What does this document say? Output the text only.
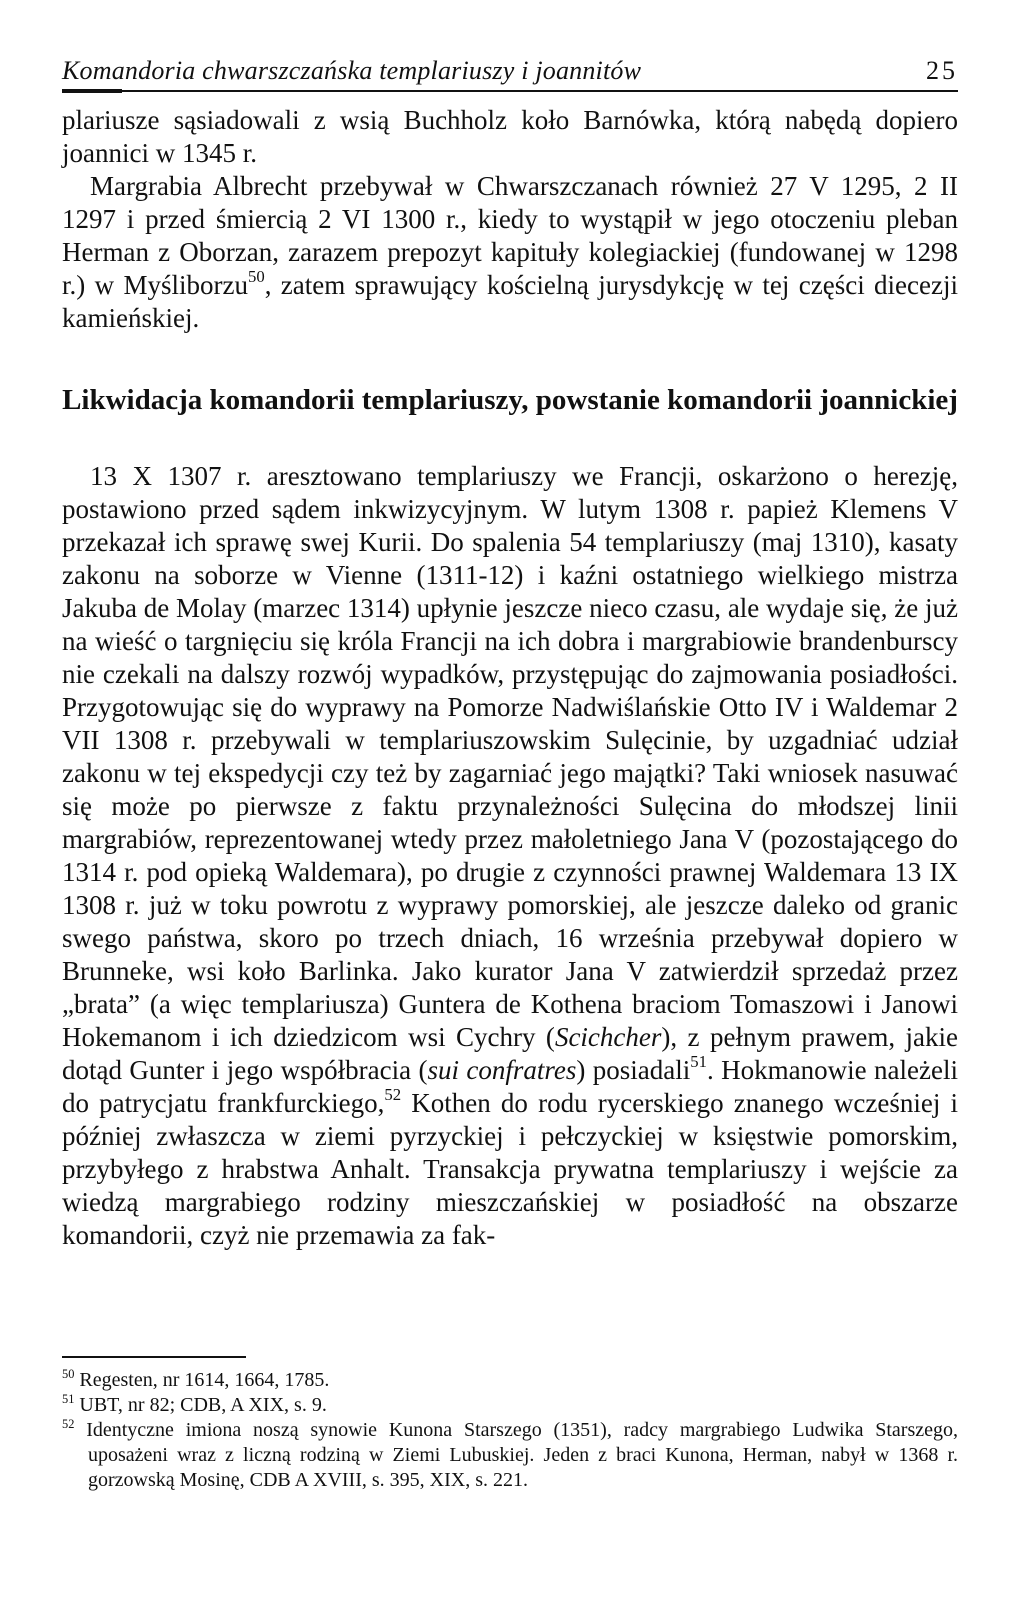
Komandoria chwarszczańska templariuszy i joannitów	25

plariusze sąsiadowali z wsią Buchholz koło Barnówka, którą nabędą dopiero joannici w 1345 r.

Margrabia Albrecht przebywał w Chwarszczanach również 27 V 1295, 2 II 1297 i przed śmiercią 2 VI 1300 r., kiedy to wystąpił w jego otoczeniu pleban Herman z Oborzan, zarazem prepozyt kapituły kolegiackiej (fundowanej w 1298 r.) w Myśliborzu$^{50}$, zatem sprawujący kościelną jurysdykcję w tej części diecezji kamieńskiej.

Likwidacja komandorii templariuszy, powstanie komandorii joannickiej

13 X 1307 r. aresztowano templariuszy we Francji, oskarżono o herezję, postawiono przed sądem inkwizycyjnym. W lutym 1308 r. papież Klemens V przekazał ich sprawę swej Kurii. Do spalenia 54 templariuszy (maj 1310), kasaty zakonu na soborze w Vienne (1311-12) i kaźni ostatniego wielkiego mistrza Jakuba de Molay (marzec 1314) upłynie jeszcze nieco czasu, ale wydaje się, że już na wieść o targnięciu się króla Francji na ich dobra i margrabiowie brandenburscy nie czekali na dalszy rozwój wypadków, przystępując do zajmowania posiadłości. Przygotowując się do wyprawy na Pomorze Nadwiślańskie Otto IV i Waldemar 2 VII 1308 r. przebywali w templariuszowskim Sulęcinie, by uzgadniać udział zakonu w tej ekspedycji czy też by zagarniać jego majątki? Taki wniosek nasuwać się może po pierwsze z faktu przynależności Sulęcina do młodszej linii margrabiów, reprezentowanej wtedy przez małoletniego Jana V (pozostającego do 1314 r. pod opieką Waldemara), po drugie z czynności prawnej Waldemara 13 IX 1308 r. już w toku powrotu z wyprawy pomorskiej, ale jeszcze daleko od granic swego państwa, skoro po trzech dniach, 16 września przebywał dopiero w Brunneke, wsi koło Barlinka. Jako kurator Jana V zatwierdził sprzedaż przez „brata” (a więc templariusza) Guntera de Kothena braciom Tomaszowi i Janowi Hokemanom i ich dziedzicom wsi Cychry (Scichcher), z pełnym prawem, jakie dotąd Gunter i jego współbracia (sui confratres) posiadali$^{51}$. Hokmanowie należeli do patrycjatu frankfurckiego,$^{52}$ Kothen do rodu rycerskiego znanego wcześniej i później zwłaszcza w ziemi pyrzyckiej i pełczyckiej w księstwie pomorskim, przybyłego z hrabstwa Anhalt. Transakcja prywatna templariuszy i wejście za wiedzą margrabiego rodziny mieszczańskiej w posiadłość na obszarze komandorii, czyż nie przemawia za fak-

$^{50}$ Regesten, nr 1614, 1664, 1785.

$^{51}$ UBT, nr 82; CDB, A XIX, s. 9.

$^{52}$ Identyczne imiona noszą synowie Kunona Starszego (1351), radcy margrabiego Ludwika Starszego, uposażeni wraz z liczną rodziną w Ziemi Lubuskiej. Jeden z braci Kunona, Herman, nabył w 1368 r. gorzowską Mosinę, CDB A XVIII, s. 395, XIX, s. 221.
